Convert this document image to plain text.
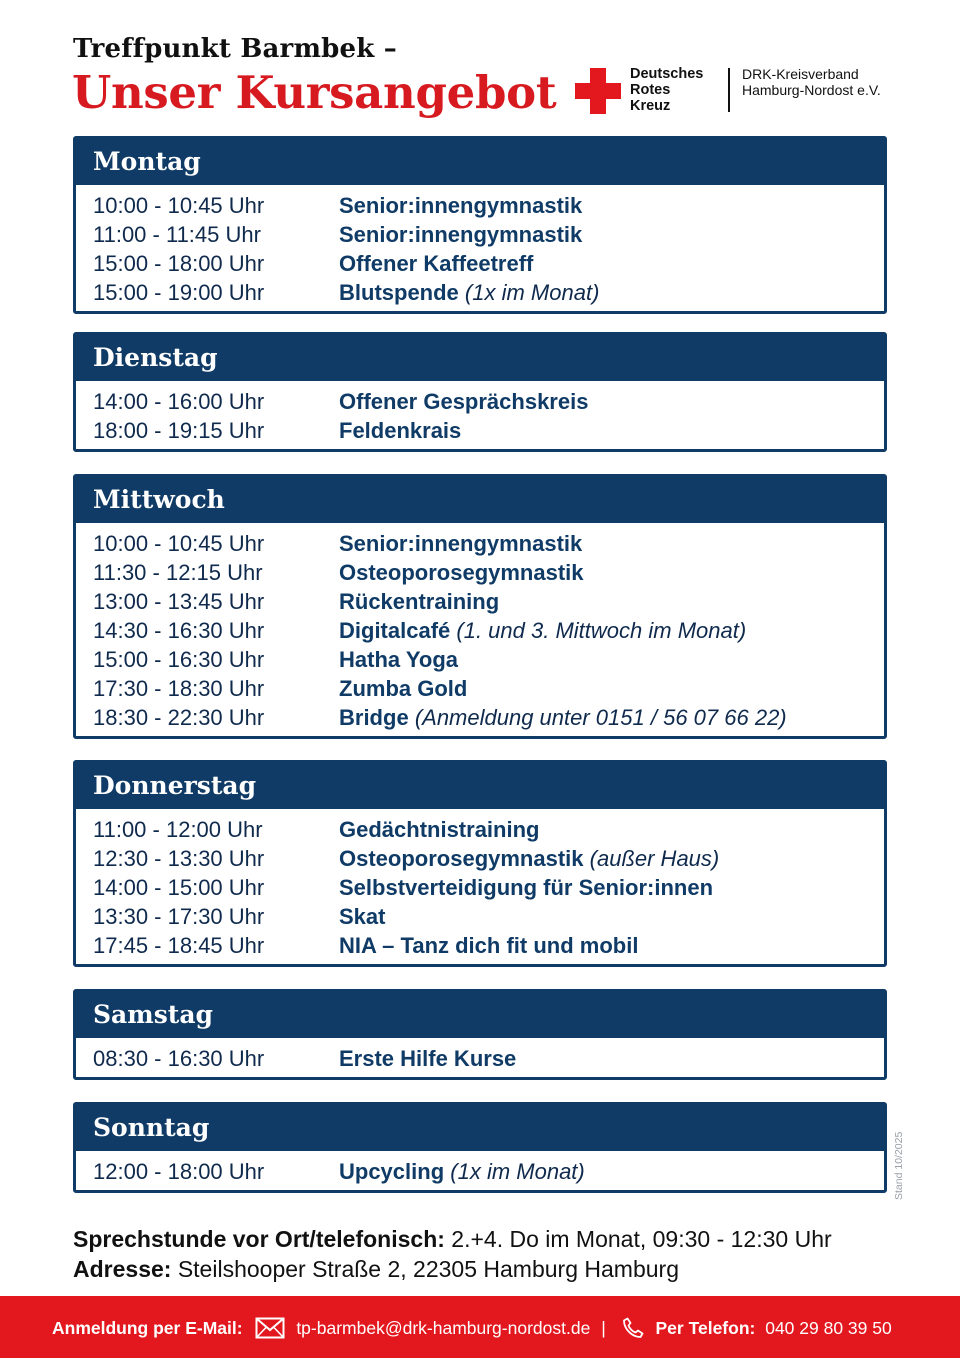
Treffpunkt Barmbek –
Unser Kursangebot	Deutsches
Rotes
Kreuz
DRK-Kreisverband
Hamburg-Nordost e.V.
Montag
10:00 - 10:45 Uhr	Senior:innengymnastik
11:00 - 11:45 Uhr	Senior:innengymnastik
15:00 - 18:00 Uhr	Offener Kaffeetreff
15:00 - 19:00 Uhr	Blutspende (1x im Monat)
Dienstag
14:00 - 16:00 Uhr	Offener Gesprächskreis
18:00 - 19:15 Uhr	Feldenkrais
Mittwoch
10:00 - 10:45 Uhr	Senior:innengymnastik
11:30 - 12:15 Uhr	Osteoporosegymnastik
13:00 - 13:45 Uhr	Rückentraining
14:30 - 16:30 Uhr	Digitalcafé (1. und 3. Mittwoch im Monat)
15:00 - 16:30 Uhr	Hatha Yoga
17:30 - 18:30 Uhr	Zumba Gold
18:30 - 22:30 Uhr	Bridge (Anmeldung unter 0151 / 56 07 66 22)
Donnerstag
11:00 - 12:00 Uhr	Gedächtnistraining
12:30 - 13:30 Uhr	Osteoporosegymnastik (außer Haus)
14:00 - 15:00 Uhr	Selbstverteidigung für Senior:innen
13:30 - 17:30 Uhr	Skat
17:45 - 18:45 Uhr	NIA – Tanz dich fit und mobil
Samstag
08:30 - 16:30 Uhr	Erste Hilfe Kurse
Sonntag
12:00 - 18:00 Uhr	Upcycling (1x im Monat)	Stand 10/2025
Sprechstunde vor Ort/telefonisch: 2.+4. Do im Monat, 09:30 - 12:30 Uhr
Adresse: Steilshooper Straße 2, 22305 Hamburg Hamburg
Anmeldung per E-Mail:	tp-barmbek@drk-hamburg-nordost.de |	Per Telefon: 040 29 80 39 50
